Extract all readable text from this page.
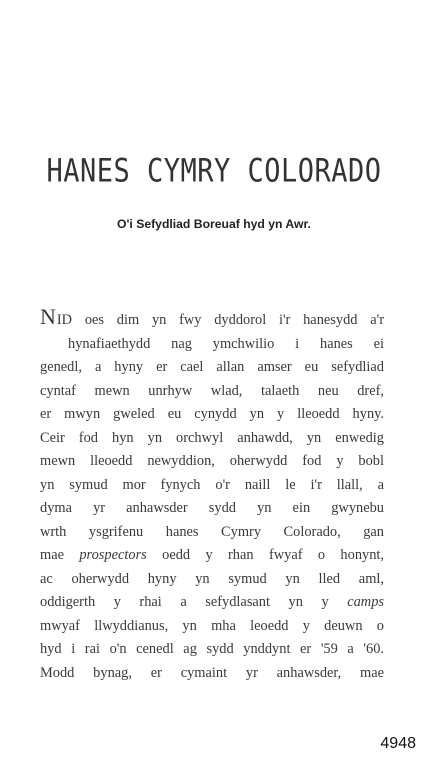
HANES CYMRY COLORADO
O'i Sefydliad Boreuaf hyd yn Awr.
NID oes dim yn fwy dyddorol i'r hanesydd a'r
hynafiaethydd nag ymchwilio i hanes ei
genedl, a hyny er cael allan amser eu sefydliad
cyntaf mewn unrhyw wlad, talaeth neu dref,
er mwyn gweled eu cynydd yn y lleoedd hyny.
Ceir fod hyn yn orchwyl anhawdd, yn enwedig
mewn lleoedd newyddion, oherwydd fod y bobl
yn symud mor fynych o'r naill le i'r llall, a
dyma yr anhawsder sydd yn ein gwynebu
wrth ysgrifenu hanes Cymry Colorado, gan
mae prospectors oedd y rhan fwyaf o honynt,
ac oherwydd hyny yn symud yn lled aml,
oddigerth y rhai a sefydlasant yn y camps
mwyaf llwyddianus, yn mha leoedd y deuwn o
hyd i rai o'n cenedl ag sydd ynddynt er '59 a '60.
Modd bynag, er cymaint yr anhawsder, mae
4948
